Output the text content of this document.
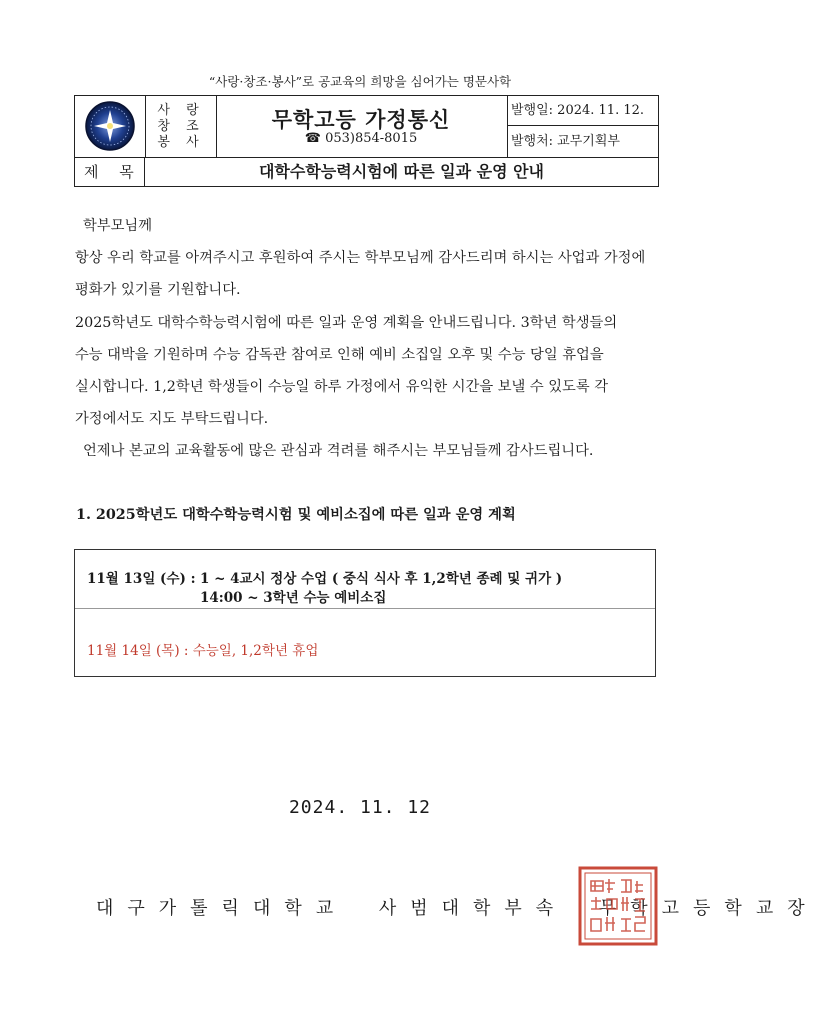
“사랑·창조·봉사”로 공교육의 희망을 심어가는 명문사학
사 랑
창 조
봉 사
무학고등 가정통신
☎ 053)854-8015
발행일: 2024. 11. 12.
발행처: 교무기획부
제 목	대학수학능력시험에 따른 일과 운영 안내

학부모님께

항상 우리 학교를 아껴주시고 후원하여 주시는 학부모님께 감사드리며 하시는 사업과 가정에

평화가 있기를 기원합니다.

2025학년도 대학수학능력시험에 따른 일과 운영 계획을 안내드립니다. 3학년 학생들의

수능 대박을 기원하며 수능 감독관 참여로 인해 예비 소집일 오후 및 수능 당일 휴업을

실시합니다. 1,2학년 학생들이 수능일 하루 가정에서 유익한 시간을 보낼 수 있도록 각

가정에서도 지도 부탁드립니다.

언제나 본교의 교육활동에 많은 관심과 격려를 해주시는 부모님들께 감사드립니다.

1. 2025학년도 대학수학능력시험 및 예비소집에 따른 일과 운영 계획
11월 13일 (수) : 1 ~ 4교시 정상 수업 ( 중식 식사 후 1,2학년 종례 및 귀가 )
14:00 ~ 3학년 수능 예비소집
11월 14일 (목) : 수능일, 1,2학년 휴업
2024. 11. 12
대구가톨릭대학교 사범대학부속 무학고등학교장
